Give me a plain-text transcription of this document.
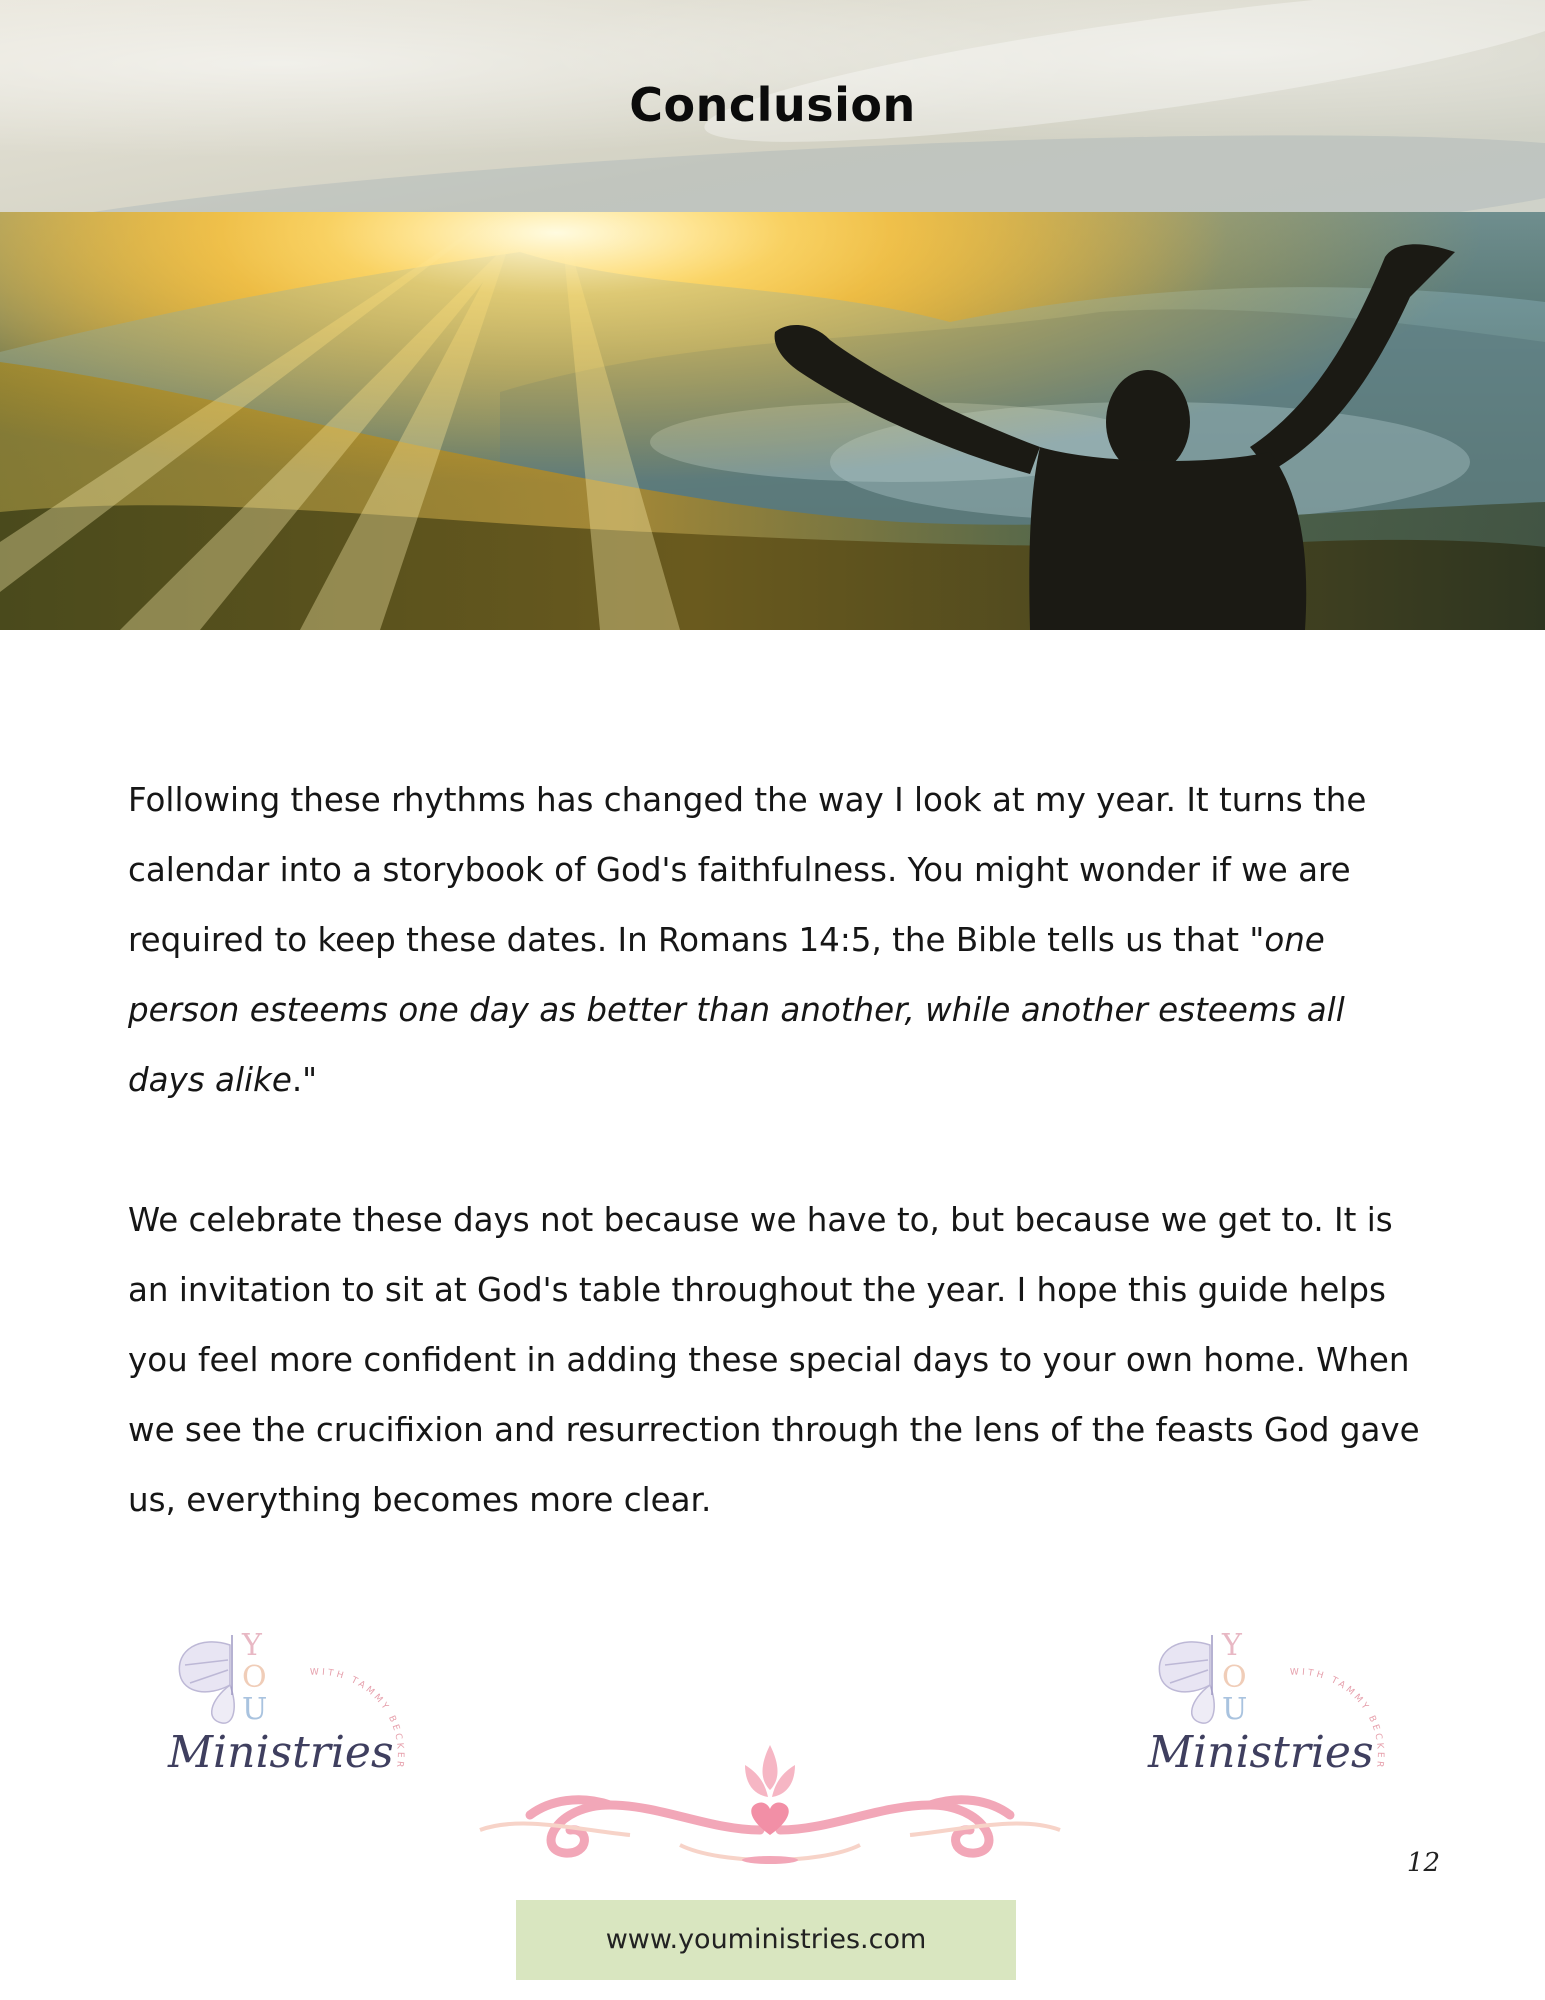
Conclusion

Following these rhythms has changed the way I look at my year. It turns the calendar into a storybook of God's faithfulness. You might wonder if we are required to keep these dates. In Romans 14:5, the Bible tells us that "one person esteems one day as better than another, while another esteems all days alike."

We celebrate these days not because we have to, but because we get to. It is an invitation to sit at God's table throughout the year. I hope this guide helps you feel more confident in adding these special days to your own home. When we see the crucifixion and resurrection through the lens of the feasts God gave us, everything becomes more clear.

Y
O
U
Ministries
WITH TAMMY BECKER
Y
O
U
Ministries
WITH TAMMY BECKER
12
www.youministries.com
